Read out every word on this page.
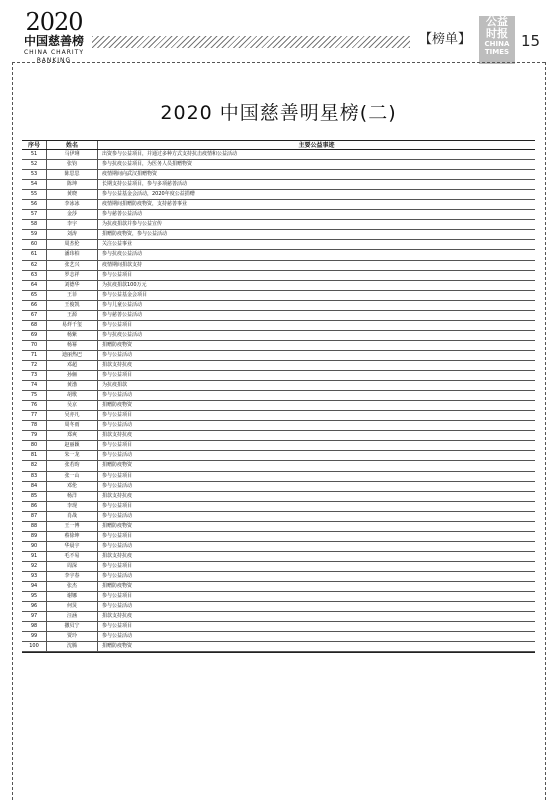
2020
中国慈善榜
CHINA CHARITY
RANKING
【榜单】
公益
时报
CHINA
TIMES
15
2020 中国慈善明星榜(二)
序号	姓名	主要公益事迹
51	马伊琍	出资参与公益项目，并通过多种方式支持抗击疫情和公益活动
52	张钧	参与抗疫公益项目，为医务人员捐赠物资
53	陈思思	疫情期间向武汉捐赠物资
54	陈坤	长期支持公益项目，参与多项慈善活动
55	黄晓	参与公益基金会活动，2020年度公益捐赠
56	李冰冰	疫情期间捐赠防疫物资，支持慈善事业
57	金莎	参与慈善公益活动
58	李宇	为抗疫捐款并参与公益宣传
59	刘涛	捐赠防疫物资，参与公益活动
60	周杰伦	关注公益事业
61	潘玮柏	参与抗疫公益活动
62	张艺兴	疫情期间捐款支持
63	罗志祥	参与公益项目
64	刘德华	为抗疫捐款100万元
65	王菲	参与公益基金会项目
66	王俊凯	参与儿童公益活动
67	王源	参与慈善公益活动
68	易烊千玺	参与公益项目
69	杨紫	参与抗疫公益活动
70	杨幂	捐赠防疫物资
71	迪丽热巴	参与公益活动
72	邓超	捐款支持抗疫
73	孙俪	参与公益项目
74	黄渤	为抗疫捐款
75	胡歌	参与公益活动
76	吴京	捐赠防疫物资
77	吴亦凡	参与公益项目
78	周冬雨	参与公益活动
79	郑爽	捐款支持抗疫
80	赵丽颖	参与公益项目
81	朱一龙	参与公益活动
82	张若昀	捐赠防疫物资
83	张一山	参与公益项目
84	邓伦	参与公益活动
85	杨洋	捐款支持抗疫
86	李现	参与公益项目
87	肖战	参与公益活动
88	王一博	捐赠防疫物资
89	蔡徐坤	参与公益项目
90	华晨宇	参与公益活动
91	毛不易	捐款支持抗疫
92	周深	参与公益项目
93	李宇春	参与公益活动
94	张杰	捐赠防疫物资
95	谢娜	参与公益项目
96	何炅	参与公益活动
97	汪涵	捐款支持抗疫
98	撒贝宁	参与公益项目
99	贾玲	参与公益活动
100	沈腾	捐赠防疫物资
